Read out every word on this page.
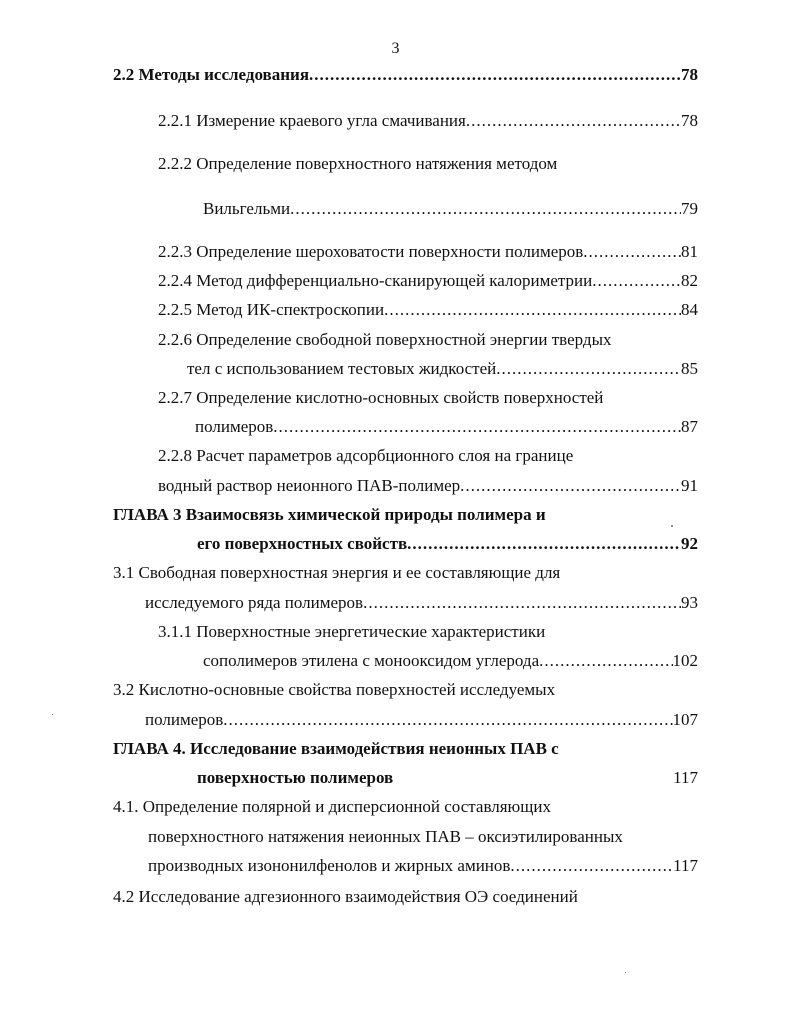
3
2.2 Методы исследования .....	78
2.2.1 Измерение краевого угла смачивания .....	78
2.2.2 Определение поверхностного натяжения методом
Вильгельми .....	79
2.2.3 Определение шероховатости поверхности полимеров .....	81
2.2.4 Метод дифференциально-сканирующей калориметрии .....	82
2.2.5 Метод ИК-спектроскопии .....	84
2.2.6 Определение свободной поверхностной энергии твердых
тел с использованием тестовых жидкостей .....	85
2.2.7 Определение кислотно-основных свойств поверхностей
полимеров .....	87
2.2.8 Расчет параметров адсорбционного слоя на границе
водный раствор неионного ПАВ-полимер .....	91
ГЛАВА 3 Взаимосвязь химической природы полимера и
его поверхностных свойств .....	92
3.1 Свободная поверхностная энергия и ее составляющие для
исследуемого ряда полимеров .....	93
3.1.1 Поверхностные энергетические характеристики
сополимеров этилена с монооксидом углерода .....	102
3.2 Кислотно-основные свойства поверхностей исследуемых
полимеров .....	107
ГЛАВА 4. Исследование взаимодействия неионных ПАВ с
поверхностью полимеров	117
4.1. Определение полярной и дисперсионной составляющих
поверхностного натяжения неионных ПАВ – оксиэтилированных
производных изононилфенолов и жирных аминов .....	117
4.2 Исследование адгезионного взаимодействия ОЭ соединений
